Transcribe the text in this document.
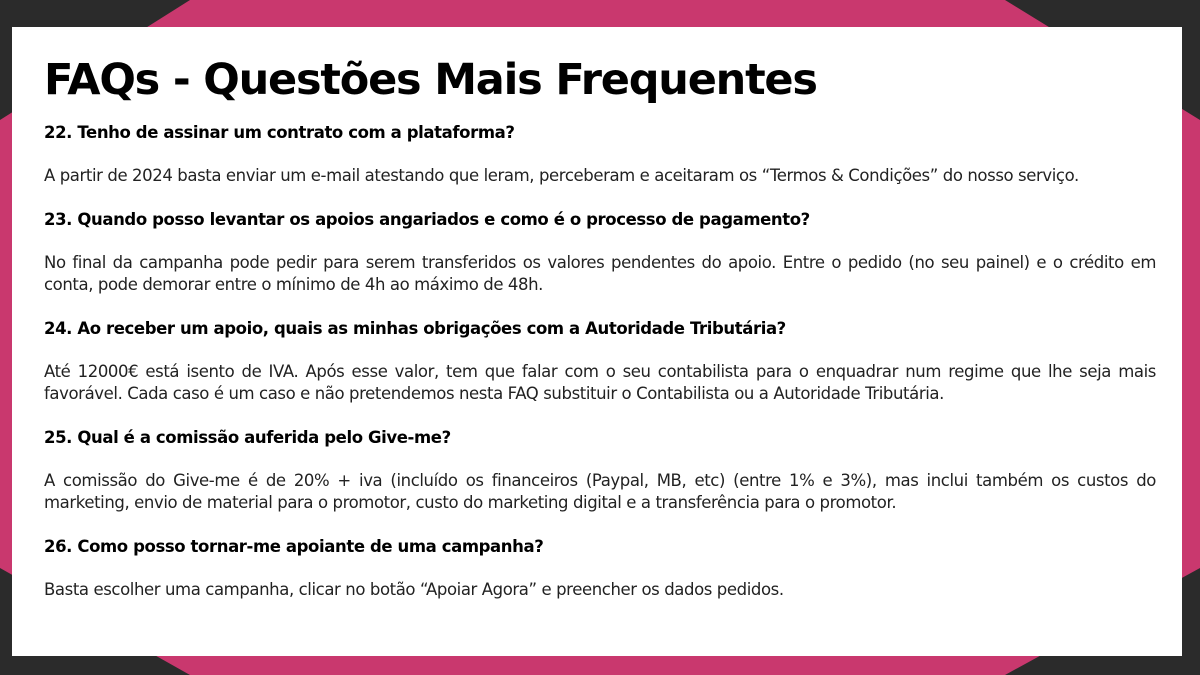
FAQs - Questões Mais Frequentes

22. Tenho de assinar um contrato com a plataforma?

A partir de 2024 basta enviar um e-mail atestando que leram, perceberam e aceitaram os “Termos & Condições” do nosso serviço.

23. Quando posso levantar os apoios angariados e como é o processo de pagamento?

No final da campanha pode pedir para serem transferidos os valores pendentes do apoio. Entre o pedido (no seu painel) e o crédito em conta, pode demorar entre o mínimo de 4h ao máximo de 48h.

24. Ao receber um apoio, quais as minhas obrigações com a Autoridade Tributária?

Até 12000€ está isento de IVA. Após esse valor, tem que falar com o seu contabilista para o enquadrar num regime que lhe seja mais favorável. Cada caso é um caso e não pretendemos nesta FAQ substituir o Contabilista ou a Autoridade Tributária.

25. Qual é a comissão auferida pelo Give-me?

A comissão do Give-me é de 20% + iva (incluído os financeiros (Paypal, MB, etc) (entre 1% e 3%), mas inclui também os custos do marketing, envio de material para o promotor, custo do marketing digital e a transferência para o promotor.

26. Como posso tornar-me apoiante de uma campanha?

Basta escolher uma campanha, clicar no botão “Apoiar Agora” e preencher os dados pedidos.
